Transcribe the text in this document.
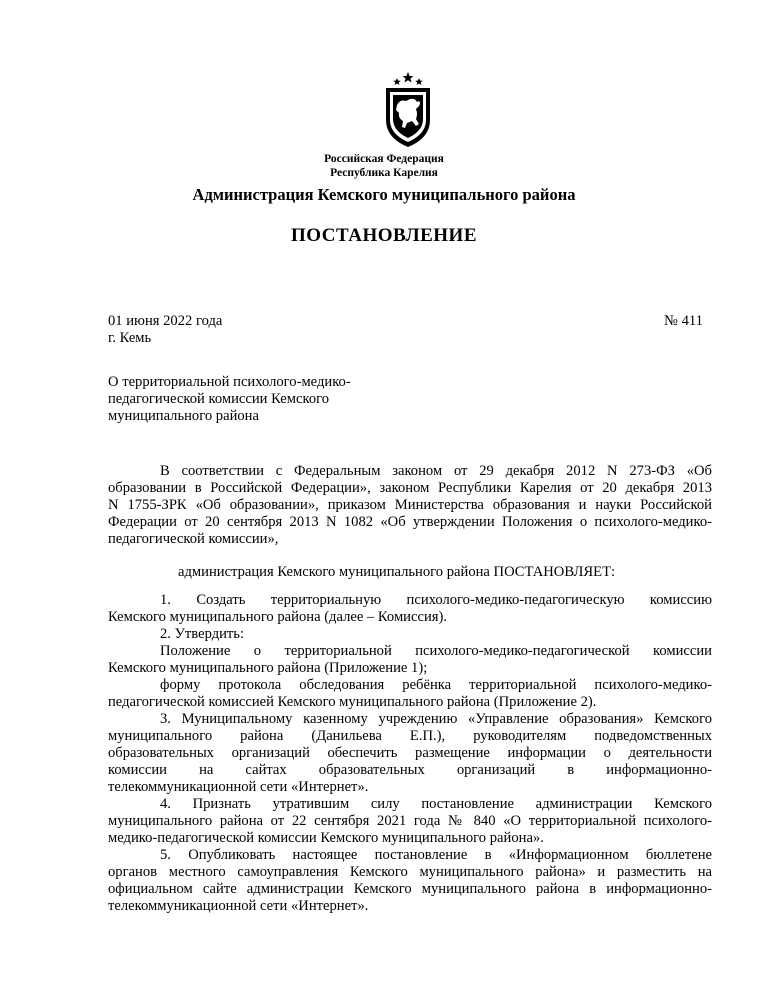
Российская Федерация
Республика Карелия
Администрация Кемского муниципального района
ПОСТАНОВЛЕНИЕ
01 июня 2022 года
г. Кемь
№ 411
О территориальной психолого-медико-
педагогической комиссии Кемского
муниципального района
В соответствии с Федеральным законом от 29 декабря 2012 N 273-ФЗ «Об
образовании в Российской Федерации», законом Республики Карелия от 20 декабря 2013
N 1755-ЗРК «Об образовании», приказом Министерства образования и науки Российской
Федерации от 20 сентября 2013 N 1082 «Об утверждении Положения о психолого-медико-
педагогической комиссии»,
администрация Кемского муниципального района ПОСТАНОВЛЯЕТ:
1. Создать территориальную психолого-медико-педагогическую комиссию
Кемского муниципального района (далее – Комиссия).
2. Утвердить:
Положение о территориальной психолого-медико-педагогической комиссии
Кемского муниципального района (Приложение 1);
форму протокола обследования ребёнка территориальной психолого-медико-
педагогической комиссией Кемского муниципального района (Приложение 2).
3. Муниципальному казенному учреждению «Управление образования» Кемского
муниципального района (Данильева Е.П.), руководителям подведомственных
образовательных организаций обеспечить размещение информации о деятельности
комиссии на сайтах образовательных организаций в информационно-
телекоммуникационной сети «Интернет».
4. Признать утратившим силу постановление администрации Кемского
муниципального района от 22 сентября 2021 года № 840 «О территориальной психолого-
медико-педагогической комиссии Кемского муниципального района».
5. Опубликовать настоящее постановление в «Информационном бюллетене
органов местного самоуправления Кемского муниципального района» и разместить на
официальном сайте администрации Кемского муниципального района в информационно-
телекоммуникационной сети «Интернет».
